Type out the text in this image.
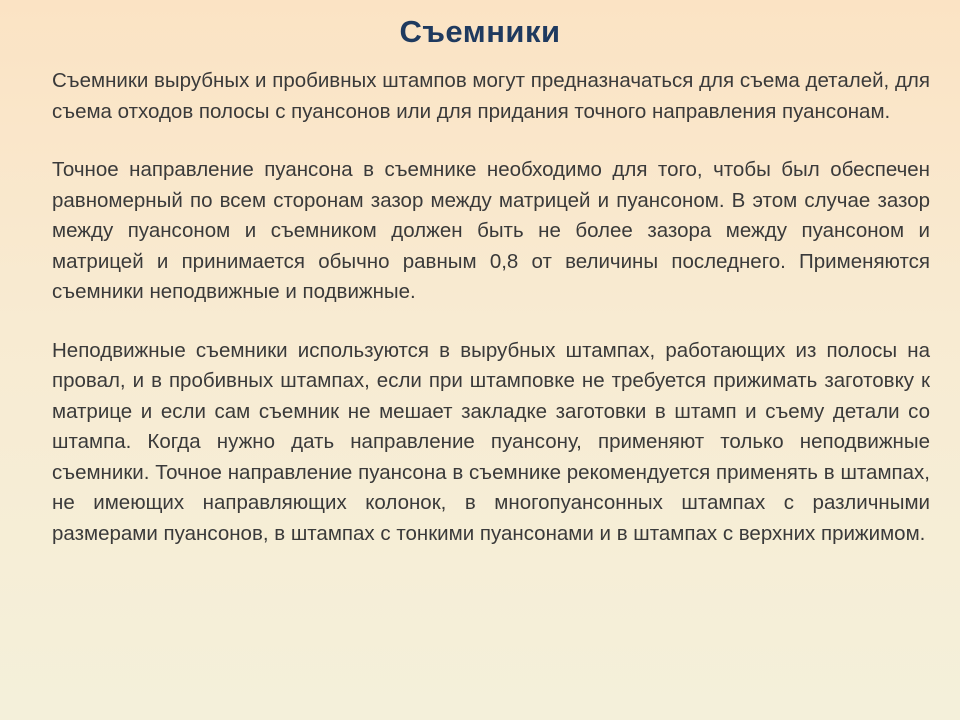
Съемники

Съемники вырубных и пробивных штампов могут предназначаться для съема деталей, для съема отходов полосы с пуансонов или для придания точного направления пуансонам.

Точное направление пуансона в съемнике необходимо для того, чтобы был обеспечен равномерный по всем сторонам зазор между матрицей и пуансоном. В этом случае зазор между пуансоном и съемником должен быть не более зазора между пуансоном и матрицей и принимается обычно равным 0,8 от величины последнего. Применяются съемники неподвижные и подвижные.

Неподвижные съемники используются в вырубных штампах, работающих из полосы на провал, и в пробивных штампах, если при штамповке не требуется прижимать заготовку к матрице и если сам съемник не мешает закладке заготовки в штамп и съему детали со штампа. Когда нужно дать направление пуансону, применяют только неподвижные съемники. Точное направление пуансона в съемнике рекомендуется применять в штампах, не имеющих направляющих колонок, в многопуансонных штампах с различными размерами пуансонов, в штампах с тонкими пуансонами и в штампах с верхних прижимом.
